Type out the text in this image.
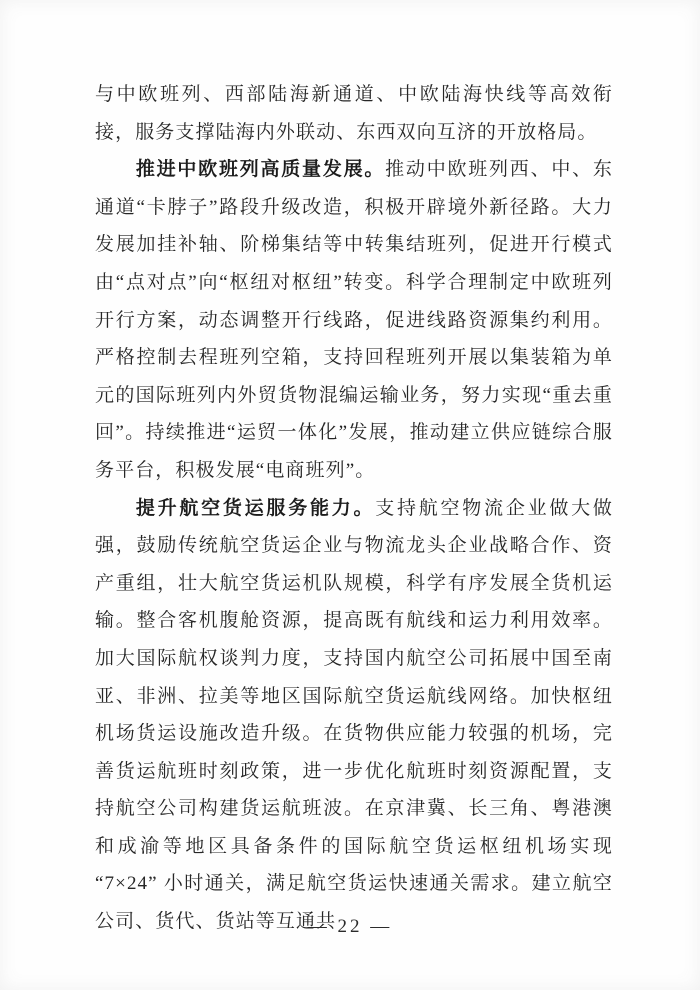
与中欧班列、西部陆海新通道、中欧陆海快线等高效衔接，服务支撑陆海内外联动、东西双向互济的开放格局。

推进中欧班列高质量发展。推动中欧班列西、中、东通道“卡脖子”路段升级改造，积极开辟境外新径路。大力发展加挂补轴、阶梯集结等中转集结班列，促进开行模式由“点对点”向“枢纽对枢纽”转变。科学合理制定中欧班列开行方案，动态调整开行线路，促进线路资源集约利用。严格控制去程班列空箱，支持回程班列开展以集装箱为单元的国际班列内外贸货物混编运输业务，努力实现“重去重回”。持续推进“运贸一体化”发展，推动建立供应链综合服务平台，积极发展“电商班列”。

提升航空货运服务能力。支持航空物流企业做大做强，鼓励传统航空货运企业与物流龙头企业战略合作、资产重组，壮大航空货运机队规模，科学有序发展全货机运输。整合客机腹舱资源，提高既有航线和运力利用效率。加大国际航权谈判力度，支持国内航空公司拓展中国至南亚、非洲、拉美等地区国际航空货运航线网络。加快枢纽机场货运设施改造升级。在货物供应能力较强的机场，完善货运航班时刻政策，进一步优化航班时刻资源配置，支持航空公司构建货运航班波。在京津冀、长三角、粤港澳和成渝等地区具备条件的国际航空货运枢纽机场实现 “7×24” 小时通关，满足航空货运快速通关需求。建立航空公司、货代、货站等互通共

— 22 —
